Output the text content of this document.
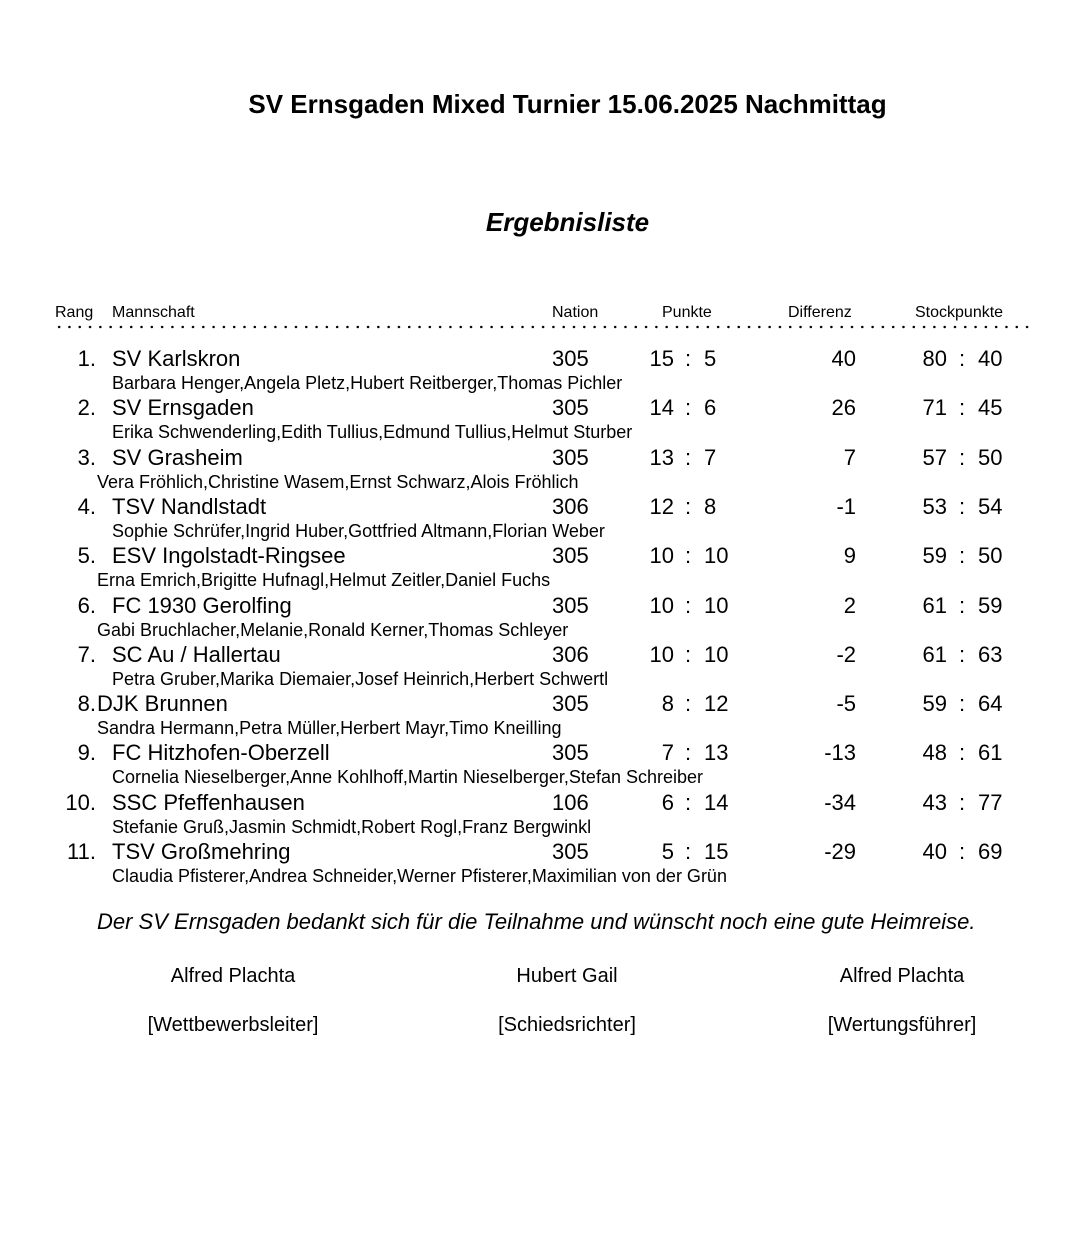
SV Ernsgaden Mixed Turnier 15.06.2025 Nachmittag
Ergebnisliste
Rang Mannschaft	Nation	Punkte	Differenz	Stockpunkte
1. SV Karlskron	305	15 : 5	40	80 : 40
Barbara Henger,Angela Pletz,Hubert Reitberger,Thomas Pichler
2. SV Ernsgaden	305	14 : 6	26	71 : 45
Erika Schwenderling,Edith Tullius,Edmund Tullius,Helmut Sturber
3. SV Grasheim	305	13 : 7	7	57 : 50
Vera Fröhlich,Christine Wasem,Ernst Schwarz,Alois Fröhlich
4. TSV Nandlstadt	306	12 : 8	-1	53 : 54
Sophie Schrüfer,Ingrid Huber,Gottfried Altmann,Florian Weber
5. ESV Ingolstadt-Ringsee	305	10 : 10	9	59 : 50
Erna Emrich,Brigitte Hufnagl,Helmut Zeitler,Daniel Fuchs
6. FC 1930 Gerolfing	305	10 : 10	2	61 : 59
Gabi Bruchlacher,Melanie,Ronald Kerner,Thomas Schleyer
7. SC Au / Hallertau	306	10 : 10	-2	61 : 63
Petra Gruber,Marika Diemaier,Josef Heinrich,Herbert Schwertl
8. DJK Brunnen	305	8 : 12	-5	59 : 64
Sandra Hermann,Petra Müller,Herbert Mayr,Timo Kneilling
9. FC Hitzhofen-Oberzell	305	7 : 13	-13	48 : 61
Cornelia Nieselberger,Anne Kohlhoff,Martin Nieselberger,Stefan Schreiber
10. SSC Pfeffenhausen	106	6 : 14	-34	43 : 77
Stefanie Gruß,Jasmin Schmidt,Robert Rogl,Franz Bergwinkl
11. TSV Großmehring	305	5 : 15	-29	40 : 69
Claudia Pfisterer,Andrea Schneider,Werner Pfisterer,Maximilian von der Grün
Der SV Ernsgaden bedankt sich für die Teilnahme und wünscht noch eine gute Heimreise.
Alfred Plachta	Hubert Gail	Alfred Plachta
[Wettbewerbsleiter]	[Schiedsrichter]	[Wertungsführer]
